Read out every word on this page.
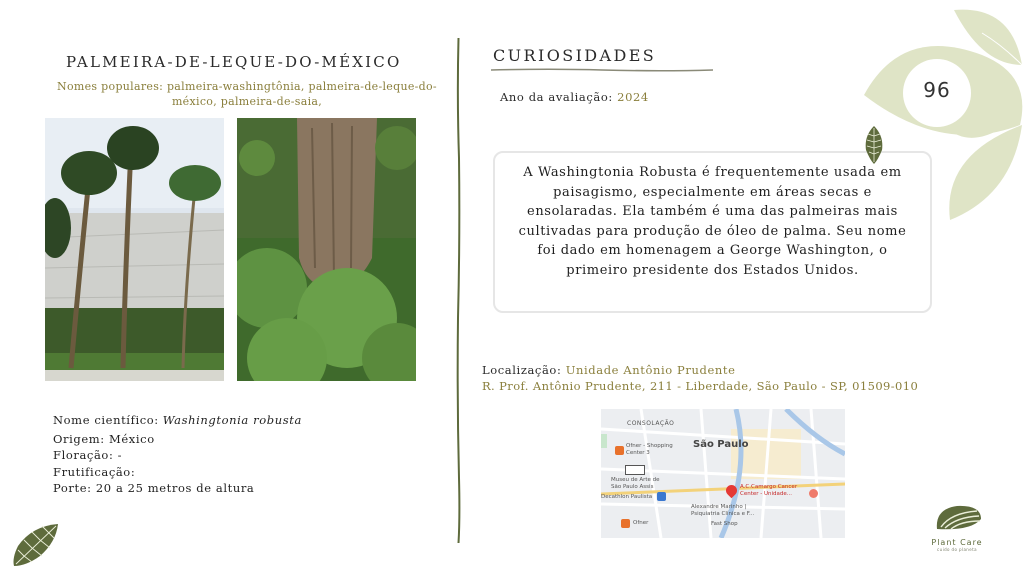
PALMEIRA-DE-LEQUE-DO-MÉXICO
Nomes populares: palmeira-washingtônia, palmeira-de-leque-do-méxico, palmeira-de-saia,
Nome científico: Washingtonia robusta
Origem: México
Floração: -
Frutificação:
Porte: 20 a 25 metros de altura
CURIOSIDADES
Ano da avaliação: 2024
A Washingtonia Robusta é frequentemente usada em paisagismo, especialmente em áreas secas e ensolaradas. Ela também é uma das palmeiras mais cultivadas para produção de óleo de palma. Seu nome foi dado em homenagem a George Washington, o primeiro presidente dos Estados Unidos.
Localização: Unidade Antônio Prudente
R. Prof. Antônio Prudente, 211 - Liberdade, São Paulo - SP, 01509-010
CONSOLAÇÃO
São Paulo
Ofner - Shopping Center 3
Museu de Arte de São Paulo Assis
Decathlon Paulista
A.C.Camargo Cancer Center - Unidade...
Alexandre Marinho | Psiquiatria Clínica e F...
Fast Shop
Ofner
96
Plant Care
cuido do planeta
